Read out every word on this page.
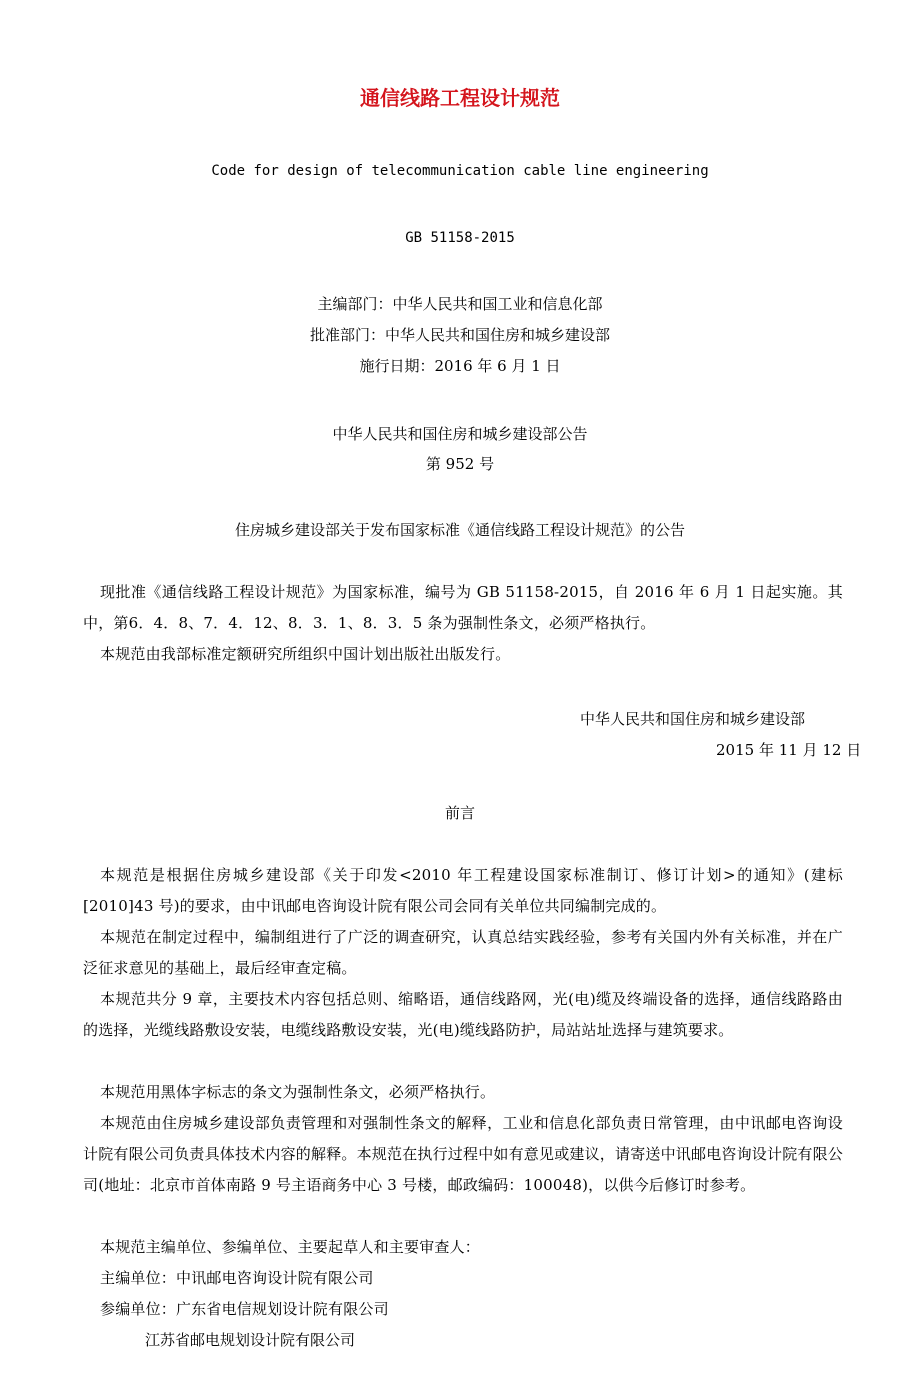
通信线路工程设计规范
Code for design of telecommunication cable line engineering
GB 51158-2015
主编部门：中华人民共和国工业和信息化部
批准部门：中华人民共和国住房和城乡建设部
施行日期：2016 年 6 月 1 日
中华人民共和国住房和城乡建设部公告
第 952 号
住房城乡建设部关于发布国家标准《通信线路工程设计规范》的公告
现批准《通信线路工程设计规范》为国家标准，编号为 GB 51158-2015，自 2016 年 6 月 1 日起实施。其中，第6．4．8、7．4．12、8．3．1、8．3．5 条为强制性条文，必须严格执行。
本规范由我部标准定额研究所组织中国计划出版社出版发行。
中华人民共和国住房和城乡建设部
2015 年 11 月 12 日
前言
本规范是根据住房城乡建设部《关于印发<2010 年工程建设国家标准制订、修订计划>的通知》(建标[2010]43 号)的要求，由中讯邮电咨询设计院有限公司会同有关单位共同编制完成的。
本规范在制定过程中，编制组进行了广泛的调查研究，认真总结实践经验，参考有关国内外有关标准，并在广泛征求意见的基础上，最后经审查定稿。
本规范共分 9 章，主要技术内容包括总则、缩略语，通信线路网，光(电)缆及终端设备的选择，通信线路路由的选择，光缆线路敷设安装，电缆线路敷设安装，光(电)缆线路防护，局站站址选择与建筑要求。
本规范用黑体字标志的条文为强制性条文，必须严格执行。
本规范由住房城乡建设部负责管理和对强制性条文的解释，工业和信息化部负责日常管理，由中讯邮电咨询设计院有限公司负责具体技术内容的解释。本规范在执行过程中如有意见或建议，请寄送中讯邮电咨询设计院有限公司(地址：北京市首体南路 9 号主语商务中心 3 号楼，邮政编码：100048)，以供今后修订时参考。
本规范主编单位、参编单位、主要起草人和主要审查人：
主编单位：中讯邮电咨询设计院有限公司
参编单位：广东省电信规划设计院有限公司
江苏省邮电规划设计院有限公司
